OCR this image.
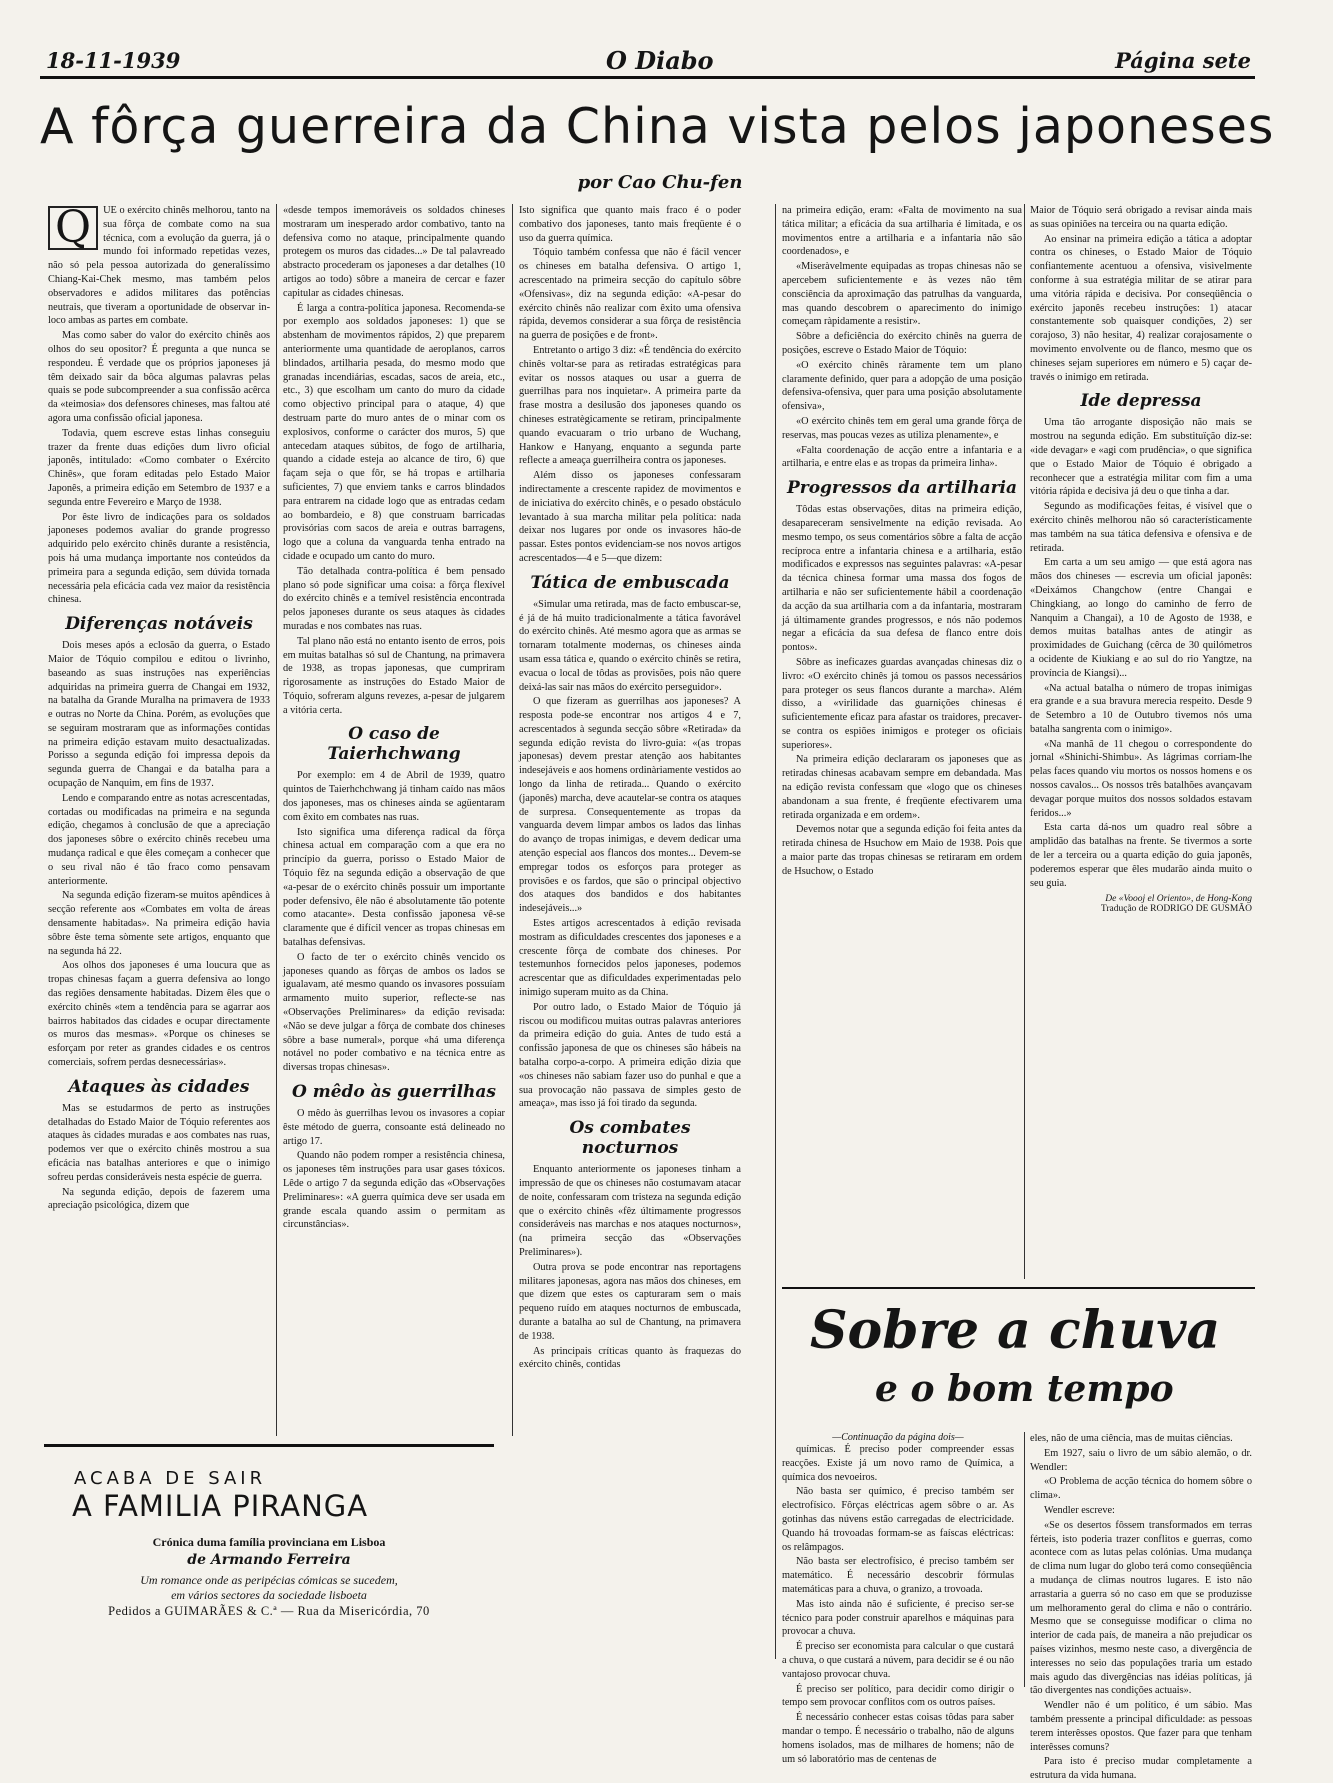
18-11-1939	O Diabo	Página sete
A fôrça guerreira da China vista pelos japoneses
por Cao Chu-fen
Q	UE o exército chinês melhorou, tanto na sua fôrça de combate como na sua técnica, com a evolução da guerra, já o mundo foi informado repetidas vezes, não só pela pessoa autorizada do generalíssimo Chiang-Kai-Chek mesmo, mas também pelos observadores e adidos militares das potências neutrais, que tiveram a oportunidade de observar in-loco ambas as partes em combate.

Mas como saber do valor do exército chinês aos olhos do seu opositor? É pregunta a que nunca se respondeu. É verdade que os próprios japoneses já têm deixado sair da bôca algumas palavras pelas quais se pode subcompreender a sua confissão acêrca da «teimosia» dos defensores chineses, mas faltou até agora uma confissão oficial japonesa.

Todavia, quem escreve estas linhas conseguiu trazer da frente duas edições dum livro oficial japonês, intitulado: «Como combater o Exército Chinês», que foram editadas pelo Estado Maior Japonês, a primeira edição em Setembro de 1937 e a segunda entre Fevereiro e Março de 1938.

Por êste livro de indicações para os soldados japoneses podemos avaliar do grande progresso adquirido pelo exército chinês durante a resistência, pois há uma mudança importante nos conteúdos da primeira para a segunda edição, sem dúvida tornada necessária pela eficácia cada vez maior da resistência chinesa.

Diferenças notáveis

Dois meses após a eclosão da guerra, o Estado Maior de Tóquio compilou e editou o livrinho, baseando as suas instruções nas experiências adquiridas na primeira guerra de Changai em 1932, na batalha da Grande Muralha na primavera de 1933 e outras no Norte da China. Porém, as evoluções que se seguiram mostraram que as informações contidas na primeira edição estavam muito desactualizadas. Porisso a segunda edição foi impressa depois da segunda guerra de Changai e da batalha para a ocupação de Nanquim, em fins de 1937.

Lendo e comparando entre as notas acrescentadas, cortadas ou modificadas na primeira e na segunda edição, chegamos à conclusão de que a apreciação dos japoneses sôbre o exército chinês recebeu uma mudança radical e que êles começam a conhecer que o seu rival não é tão fraco como pensavam anteriormente.

Na segunda edição fizeram-se muitos apêndices à secção referente aos «Combates em volta de áreas densamente habitadas». Na primeira edição havia sôbre êste tema sòmente sete artigos, enquanto que na segunda há 22.

Aos olhos dos japoneses é uma loucura que as tropas chinesas façam a guerra defensiva ao longo das regiões densamente habitadas. Dizem êles que o exército chinês «tem a tendência para se agarrar aos bairros habitados das cidades e ocupar directamente os muros das mesmas». «Porque os chineses se esforçam por reter as grandes cidades e os centros comerciais, sofrem perdas desnecessárias».

Ataques às cidades

Mas se estudarmos de perto as instruções detalhadas do Estado Maior de Tóquio referentes aos ataques às cidades muradas e aos combates nas ruas, podemos ver que o exército chinês mostrou a sua eficácia nas batalhas anteriores e que o inimigo sofreu perdas consideráveis nesta espécie de guerra.

Na segunda edição, depois de fazerem uma apreciação psicológica, dizem que

«desde tempos imemoráveis os soldados chineses mostraram um inesperado ardor combativo, tanto na defensiva como no ataque, principalmente quando protegem os muros das cidades...» De tal palavreado abstracto procederam os japoneses a dar detalhes (10 artigos ao todo) sôbre a maneira de cercar e fazer capitular as cidades chinesas.

É larga a contra-política japonesa. Recomenda-se por exemplo aos soldados japoneses: 1) que se abstenham de movimentos rápidos, 2) que preparem anteriormente uma quantidade de aeroplanos, carros blindados, artilharia pesada, do mesmo modo que granadas incendiárias, escadas, sacos de areia, etc., etc., 3) que escolham um canto do muro da cidade como objectivo principal para o ataque, 4) que destruam parte do muro antes de o minar com os explosivos, conforme o carácter dos muros, 5) que antecedam ataques súbitos, de fogo de artilharia, quando a cidade esteja ao alcance de tiro, 6) que façam seja o que fôr, se há tropas e artilharia suficientes, 7) que enviem tanks e carros blindados para entrarem na cidade logo que as entradas cedam ao bombardeio, e 8) que construam barricadas provisórias com sacos de areia e outras barragens, logo que a coluna da vanguarda tenha entrado na cidade e ocupado um canto do muro.

Tão detalhada contra-política é bem pensado plano só pode significar uma coisa: a fôrça flexível do exército chinês e a temível resistência encontrada pelos japoneses durante os seus ataques às cidades muradas e nos combates nas ruas.

Tal plano não está no entanto isento de erros, pois em muitas batalhas só sul de Chantung, na primavera de 1938, as tropas japonesas, que cumpriram rigorosamente as instruções do Estado Maior de Tóquio, sofreram alguns revezes, a-pesar de julgarem a vitória certa.

O caso de Taierhchwang

Por exemplo: em 4 de Abril de 1939, quatro quintos de Taierhchchwang já tinham caído nas mãos dos japoneses, mas os chineses ainda se agüentaram com êxito em combates nas ruas.

Isto significa uma diferença radical da fôrça chinesa actual em comparação com a que era no princípio da guerra, porisso o Estado Maior de Tóquio fêz na segunda edição a observação de que «a-pesar de o exército chinês possuir um importante poder defensivo, êle não é absolutamente tão potente como atacante». Desta confissão japonesa vê-se claramente que é difícil vencer as tropas chinesas em batalhas defensivas.

O facto de ter o exército chinês vencido os japoneses quando as fôrças de ambos os lados se igualavam, até mesmo quando os invasores possuíam armamento muito superior, reflecte-se nas «Observações Preliminares» da edição revisada: «Não se deve julgar a fôrça de combate dos chineses sôbre a base numeral», porque «há uma diferença notável no poder combativo e na técnica entre as diversas tropas chinesas».

O mêdo às guerrilhas

O mêdo às guerrilhas levou os invasores a copiar êste método de guerra, consoante está delineado no artigo 17.

Quando não podem romper a resistência chinesa, os japoneses têm instruções para usar gases tóxicos. Lêde o artigo 7 da segunda edição das «Observações Preliminares»: «A guerra química deve ser usada em grande escala quando assim o permitam as circunstâncias».

Isto significa que quanto mais fraco é o poder combativo dos japoneses, tanto mais freqüente é o uso da guerra química.

Tóquio também confessa que não é fácil vencer os chineses em batalha defensiva. O artigo 1, acrescentado na primeira secção do capítulo sôbre «Ofensivas», diz na segunda edição: «A-pesar do exército chinês não realizar com êxito uma ofensiva rápida, devemos considerar a sua fôrça de resistência na guerra de posições e de front».

Entretanto o artigo 3 diz: «É tendência do exército chinês voltar-se para as retiradas estratégicas para evitar os nossos ataques ou usar a guerra de guerrilhas para nos inquietar». A primeira parte da frase mostra a desilusão dos japoneses quando os chineses estratègicamente se retiram, principalmente quando evacuaram o trio urbano de Wuchang, Hankow e Hanyang, enquanto a segunda parte reflecte a ameaça guerrilheira contra os japoneses.

Além disso os japoneses confessaram indirectamente a crescente rapidez de movimentos e de iniciativa do exército chinês, e o pesado obstáculo levantado à sua marcha militar pela política: nada deixar nos lugares por onde os invasores hão-de passar. Estes pontos evidenciam-se nos novos artigos acrescentados—4 e 5—que dizem:

Tática de embuscada

«Simular uma retirada, mas de facto embuscar-se, é já de há muito tradicionalmente a tática favorável do exército chinês. Até mesmo agora que as armas se tornaram totalmente modernas, os chineses ainda usam essa tática e, quando o exército chinês se retira, evacua o local de tôdas as provisões, pois não quere deixá-las sair nas mãos do exército perseguidor».

O que fizeram as guerrilhas aos japoneses? A resposta pode-se encontrar nos artigos 4 e 7, acrescentados à segunda secção sôbre «Retirada» da segunda edição revista do livro-guia: «(as tropas japonesas) devem prestar atenção aos habitantes indesejáveis e aos homens ordinàriamente vestidos ao longo da linha de retirada... Quando o exército (japonês) marcha, deve acautelar-se contra os ataques de surpresa. Consequentemente as tropas da vanguarda devem limpar ambos os lados das linhas do avanço de tropas inimigas, e devem dedicar uma atenção especial aos flancos dos montes... Devem-se empregar todos os esforços para proteger as provisões e os fardos, que são o principal objectivo dos ataques dos bandidos e dos habitantes indesejáveis...»

Estes artigos acrescentados à edição revisada mostram as dificuldades crescentes dos japoneses e a crescente fôrça de combate dos chineses. Por testemunhos fornecidos pelos japoneses, podemos acrescentar que as dificuldades experimentadas pelo inimigo superam muito as da China.

Por outro lado, o Estado Maior de Tóquio já riscou ou modificou muitas outras palavras anteriores da primeira edição do guia. Antes de tudo está a confissão japonesa de que os chineses são hábeis na batalha corpo-a-corpo. A primeira edição dizia que «os chineses não sabiam fazer uso do punhal e que a sua provocação não passava de simples gesto de ameaça», mas isso já foi tirado da segunda.

Os combates nocturnos

Enquanto anteriormente os japoneses tinham a impressão de que os chineses não costumavam atacar de noite, confessaram com tristeza na segunda edição que o exército chinês «fêz últimamente progressos consideráveis nas marchas e nos ataques nocturnos», (na primeira secção das «Observações Preliminares»).

Outra prova se pode encontrar nas reportagens militares japonesas, agora nas mãos dos chineses, em que dizem que estes os capturaram sem o mais pequeno ruído em ataques nocturnos de embuscada, durante a batalha ao sul de Chantung, na primavera de 1938.

As principais críticas quanto às fraquezas do exército chinês, contidas

na primeira edição, eram: «Falta de movimento na sua tática militar; a eficácia da sua artilharia é limitada, e os movimentos entre a artilharia e a infantaria não são coordenados», e

«Miseràvelmente equipadas as tropas chinesas não se apercebem suficientemente e às vezes não têm consciência da aproximação das patrulhas da vanguarda, mas quando descobrem o aparecimento do inimigo começam ràpidamente a resistir».

Sôbre a deficiência do exército chinês na guerra de posições, escreve o Estado Maior de Tóquio:

«O exército chinês ràramente tem um plano claramente definido, quer para a adopção de uma posição defensiva-ofensiva, quer para uma posição absolutamente ofensiva»,

«O exército chinês tem em geral uma grande fôrça de reservas, mas poucas vezes as utiliza plenamente», e

«Falta coordenação de acção entre a infantaria e a artilharia, e entre elas e as tropas da primeira linha».

Progressos da artilharia

Tôdas estas observações, ditas na primeira edição, desapareceram sensivelmente na edição revisada. Ao mesmo tempo, os seus comentários sôbre a falta de acção recíproca entre a infantaria chinesa e a artilharia, estão modificados e expressos nas seguintes palavras: «A-pesar da técnica chinesa formar uma massa dos fogos de artilharia e não ser suficientemente hábil a coordenação da acção da sua artilharia com a da infantaria, mostraram já últimamente grandes progressos, e nós não podemos negar a eficácia da sua defesa de flanco entre dois pontos».

Sôbre as ineficazes guardas avançadas chinesas diz o livro: «O exército chinês já tomou os passos necessários para proteger os seus flancos durante a marcha». Além disso, a «virilidade das guarnições chinesas é suficientemente eficaz para afastar os traidores, precaver-se contra os espiões inimigos e proteger os oficiais superiores».

Na primeira edição declararam os japoneses que as retiradas chinesas acabavam sempre em debandada. Mas na edição revista confessam que «logo que os chineses abandonam a sua frente, é freqüente efectivarem uma retirada organizada e em ordem».

Devemos notar que a segunda edição foi feita antes da retirada chinesa de Hsuchow em Maio de 1938. Pois que a maior parte das tropas chinesas se retiraram em ordem de Hsuchow, o Estado

Maior de Tóquio será obrigado a revisar ainda mais as suas opiniões na terceira ou na quarta edição.

Ao ensinar na primeira edição a tática a adoptar contra os chineses, o Estado Maior de Tóquio confiantemente acentuou a ofensiva, visìvelmente conforme à sua estratégia militar de se atirar para uma vitória rápida e decisiva. Por conseqüência o exército japonês recebeu instruções: 1) atacar constantemente sob quaisquer condições, 2) ser corajoso, 3) não hesitar, 4) realizar corajosamente o movimento envolvente ou de flanco, mesmo que os chineses sejam superiores em número e 5) caçar de-través o inimigo em retirada.

Ide depressa

Uma tão arrogante disposição não mais se mostrou na segunda edição. Em substituïção diz-se: «ide devagar» e «agi com prudência», o que significa que o Estado Maior de Tóquio é obrigado a reconhecer que a estratégia militar com fim a uma vitória rápida e decisiva já deu o que tinha a dar.

Segundo as modificações feitas, é visível que o exército chinês melhorou não só característicamente mas também na sua tática defensiva e ofensiva e de retirada.

Em carta a um seu amigo — que está agora nas mãos dos chineses — escrevia um oficial japonês: «Deixámos Changchow (entre Changai e Chingkiang, ao longo do caminho de ferro de Nanquim a Changai), a 10 de Agosto de 1938, e demos muitas batalhas antes de atingir as proximidades de Guichang (cêrca de 30 quilómetros a ocidente de Kiukiang e ao sul do rio Yangtze, na província de Kiangsi)...

«Na actual batalha o número de tropas inimigas era grande e a sua bravura merecia respeito. Desde 9 de Setembro a 10 de Outubro tivemos nós uma batalha sangrenta com o inimigo».

«Na manhã de 11 chegou o correspondente do jornal «Shinichi-Shimbu». As lágrimas corriam-lhe pelas faces quando viu mortos os nossos homens e os nossos cavalos... Os nossos três batalhões avançavam devagar porque muitos dos nossos soldados estavam feridos...»

Esta carta dá-nos um quadro real sôbre a amplidão das batalhas na frente. Se tivermos a sorte de ler a terceira ou a quarta edição do guia japonês, poderemos esperar que êles mudarão ainda muito o seu guia.

De «Voooj el Oriento», de Hong-Kong
Tradução de RODRIGO DE GUSMÃO
Sobre a chuva
e o bom tempo
—Continuação da página dois—

químicas. É preciso poder compreender essas reacções. Existe já um novo ramo de Química, a química dos nevoeiros.

Não basta ser químico, é preciso também ser electrofísico. Fôrças eléctricas agem sôbre o ar. As gotinhas das núvens estão carregadas de electricidade. Quando há trovoadas formam-se as faíscas eléctricas: os relâmpagos.

Não basta ser electrofísico, é preciso também ser matemático. É necessário descobrir fórmulas matemáticas para a chuva, o granizo, a trovoada.

Mas isto ainda não é suficiente, é preciso ser-se técnico para poder construir aparelhos e máquinas para provocar a chuva.

É preciso ser economista para calcular o que custará a chuva, o que custará a núvem, para decidir se é ou não vantajoso provocar chuva.

É preciso ser político, para decidir como dirigir o tempo sem provocar conflitos com os outros países.

É necessário conhecer estas coisas tôdas para saber mandar o tempo. É necessário o trabalho, não de alguns homens isolados, mas de milhares de homens; não de um só laboratório mas de centenas de

eles, não de uma ciência, mas de muitas ciências.

Em 1927, saiu o livro de um sábio alemão, o dr. Wendler:

«O Problema de acção técnica do homem sôbre o clima».

Wendler escreve:

«Se os desertos fôssem transformados em terras férteis, isto poderia trazer conflitos e guerras, como acontece com as lutas pelas colónias. Uma mudança de clima num lugar do globo terá como conseqüência a mudança de climas noutros lugares. E isto não arrastaria a guerra só no caso em que se produzisse um melhoramento geral do clima e não o contrário. Mesmo que se conseguisse modificar o clima no interior de cada país, de maneira a não prejudicar os países vizinhos, mesmo neste caso, a divergência de interesses no seio das populações traria um estado mais agudo das divergências nas idéias políticas, já tão divergentes nas condições actuais».

Wendler não é um político, é um sábio. Mas também pressente a principal dificuldade: as pessoas terem interêsses opostos. Que fazer para que tenham interêsses comuns?

Para isto é preciso mudar completamente a estrutura da vida humana.

ACABA DE SAIR
A FAMILIA PIRANGA
Crónica duma família provinciana em Lisboa
de Armando Ferreira
Um romance onde as peripécias cómicas se sucedem,
em vários sectores da sociedade lisboeta
Pedidos a GUIMARÃES & C.ª — Rua da Misericórdia, 70
